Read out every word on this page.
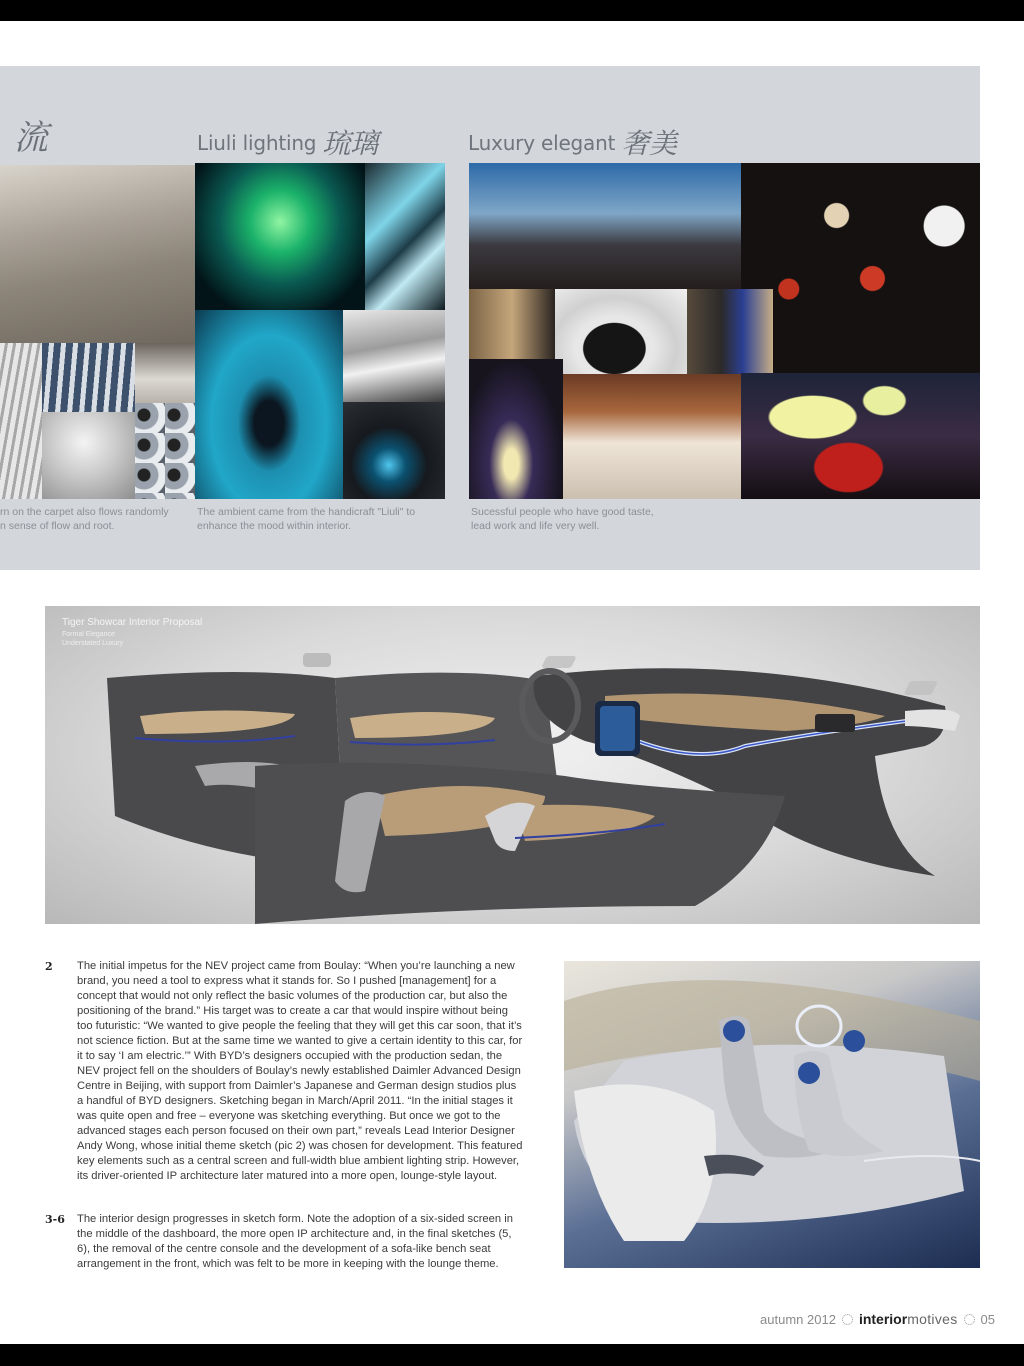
流	Liuli lighting 琉璃	Luxury elegant 奢美
rn on the carpet also flows randomly
n sense of flow and root.
The ambient came from the handicraft "Liuli" to
enhance the mood within interior.
Sucessful people who have good taste,
lead work and life very well.
Tiger Showcar Interior Proposal
Formal Elegance
Understated Luxury
2 The initial impetus for the NEV project came from Boulay: “When you’re launching a new brand, you need a tool to express what it stands for. So I pushed [management] for a concept that would not only reflect the basic volumes of the production car, but also the positioning of the brand.” His target was to create a car that would inspire without being too futuristic: “We wanted to give people the feeling that they will get this car soon, that it’s not science fiction. But at the same time we wanted to give a certain identity to this car, for it to say ‘I am electric.’” With BYD’s designers occupied with the production sedan, the NEV project fell on the shoulders of Boulay’s newly established Daimler Advanced Design Centre in Beijing, with support from Daimler’s Japanese and German design studios plus a handful of BYD designers. Sketching began in March/April 2011. “In the initial stages it was quite open and free – everyone was sketching everything. But once we got to the advanced stages each person focused on their own part,” reveals Lead Interior Designer Andy Wong, whose initial theme sketch (pic 2) was chosen for development. This featured key elements such as a central screen and full-width blue ambient lighting strip. However, its driver-oriented IP architecture later matured into a more open, lounge-style layout.

3-6 The interior design progresses in sketch form. Note the adoption of a six-sided screen in the middle of the dashboard, the more open IP architecture and, in the final sketches (5, 6), the removal of the centre console and the development of a sofa-like bench seat arrangement in the front, which was felt to be more in keeping with the lounge theme.

autumn 2012 interiormotives 05
